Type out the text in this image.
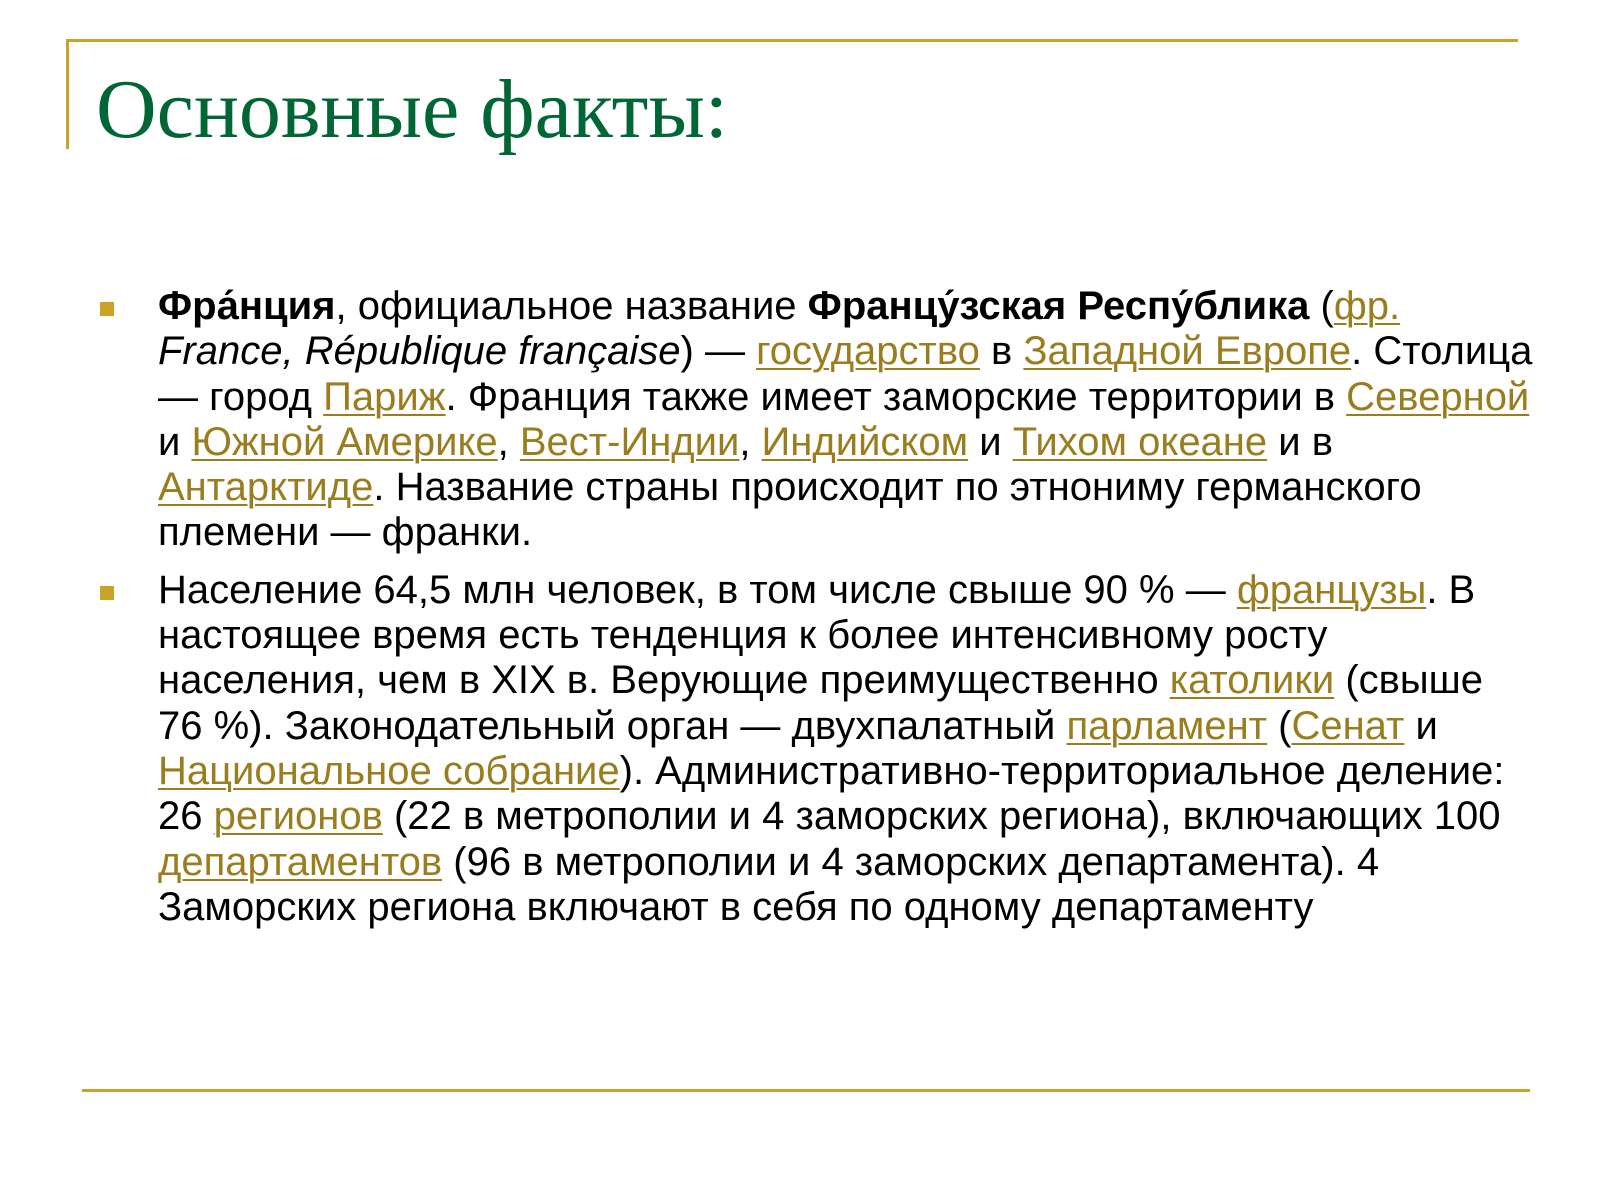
Основные факты:
Фра́нция, официальное название Францу́зская Респу́блика (фр. France, République française) — государство в Западной Европе. Столица — город Париж. Франция также имеет заморские территории в Северной и Южной Америке, Вест-Индии, Индийском и Тихом океане и в Антарктиде. Название страны происходит по этнониму германского племени — франки.
Население 64,5 млн человек, в том числе свыше 90 % — французы. В настоящее время есть тенденция к более интенсивному росту населения, чем в XIX в. Верующие преимущественно католики (свыше 76 %). Законодательный орган — двухпалатный парламент (Сенат и Национальное собрание). Административно-территориальное деление: 26 регионов (22 в метрополии и 4 заморских региона), включающих 100 департаментов (96 в метрополии и 4 заморских департамента). 4 Заморских региона включают в себя по одному департаменту
